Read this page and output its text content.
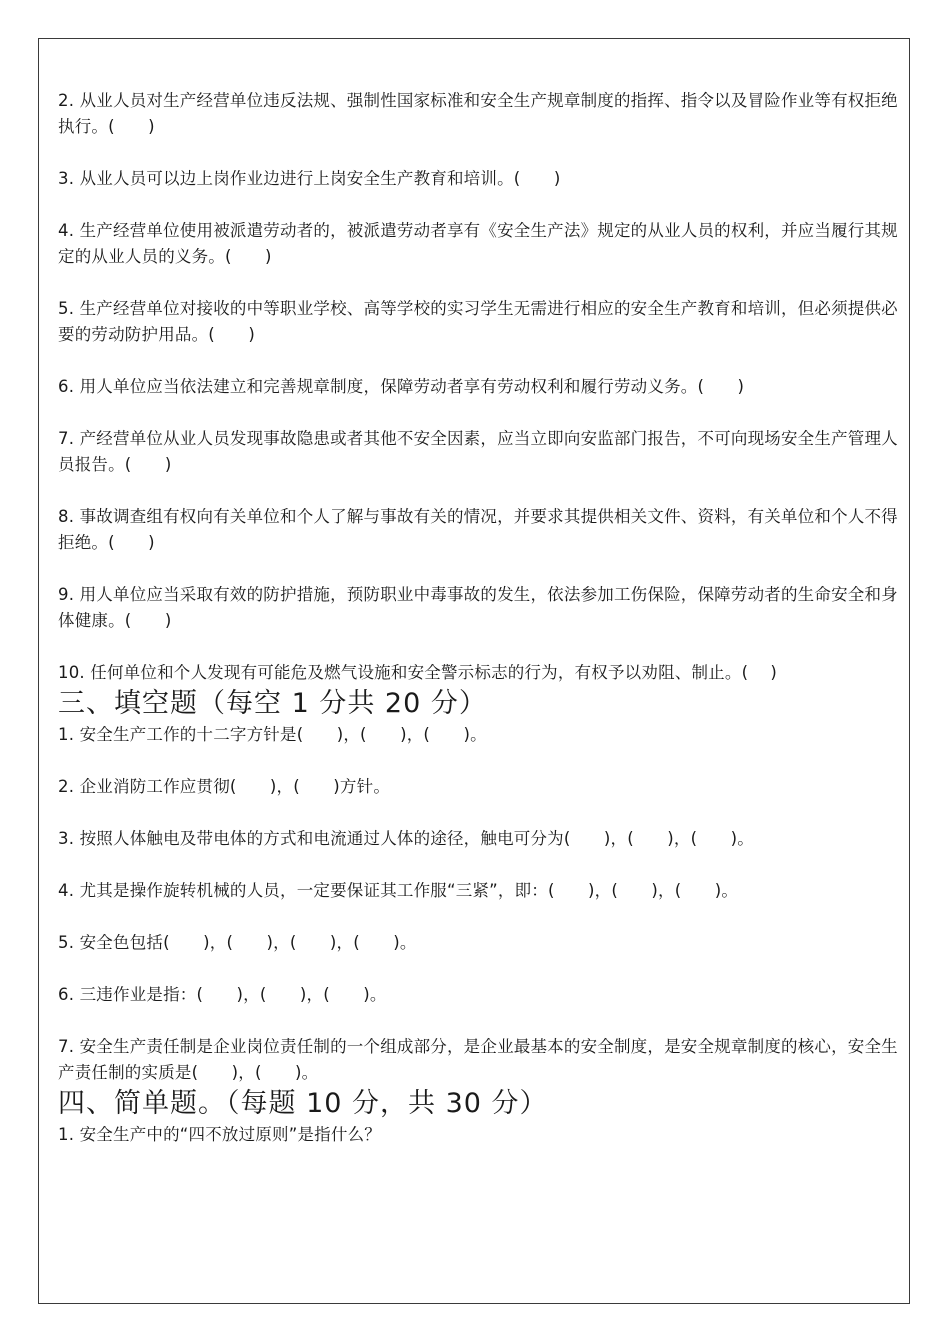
2. 从业人员对生产经营单位违反法规、强制性国家标准和安全生产规章制度的指挥、指令以及冒险作业等有权拒绝执行。(　　)

3. 从业人员可以边上岗作业边进行上岗安全生产教育和培训。(　　)

4. 生产经营单位使用被派遣劳动者的，被派遣劳动者享有《安全生产法》规定的从业人员的权利，并应当履行其规定的从业人员的义务。(　　)

5. 生产经营单位对接收的中等职业学校、高等学校的实习学生无需进行相应的安全生产教育和培训，但必须提供必要的劳动防护用品。(　　)

6. 用人单位应当依法建立和完善规章制度，保障劳动者享有劳动权利和履行劳动义务。(　　)

7. 产经营单位从业人员发现事故隐患或者其他不安全因素，应当立即向安监部门报告，不可向现场安全生产管理人员报告。(　　)

8. 事故调查组有权向有关单位和个人了解与事故有关的情况，并要求其提供相关文件、资料，有关单位和个人不得拒绝。(　　)

9. 用人单位应当采取有效的防护措施，预防职业中毒事故的发生，依法参加工伤保险，保障劳动者的生命安全和身体健康。(　　)

10. 任何单位和个人发现有可能危及燃气设施和安全警示标志的行为，有权予以劝阻、制止。(　 )

三、填空题（每空 1 分共 20 分）

1. 安全生产工作的十二字方针是(　　)，(　　)，(　　)。

2. 企业消防工作应贯彻(　　)，(　　)方针。

3. 按照人体触电及带电体的方式和电流通过人体的途径，触电可分为(　　)，(　　)，(　　)。

4. 尤其是操作旋转机械的人员，一定要保证其工作服“三紧”，即：(　　)，(　　)，(　　)。

5. 安全色包括(　　)，(　　)，(　　)，(　　)。

6. 三违作业是指：(　　)，(　　)，(　　)。

7. 安全生产责任制是企业岗位责任制的一个组成部分，是企业最基本的安全制度，是安全规章制度的核心，安全生产责任制的实质是(　　)，(　　)。

四、简单题。（每题 10 分，共 30 分）

1. 安全生产中的“四不放过原则”是指什么？
